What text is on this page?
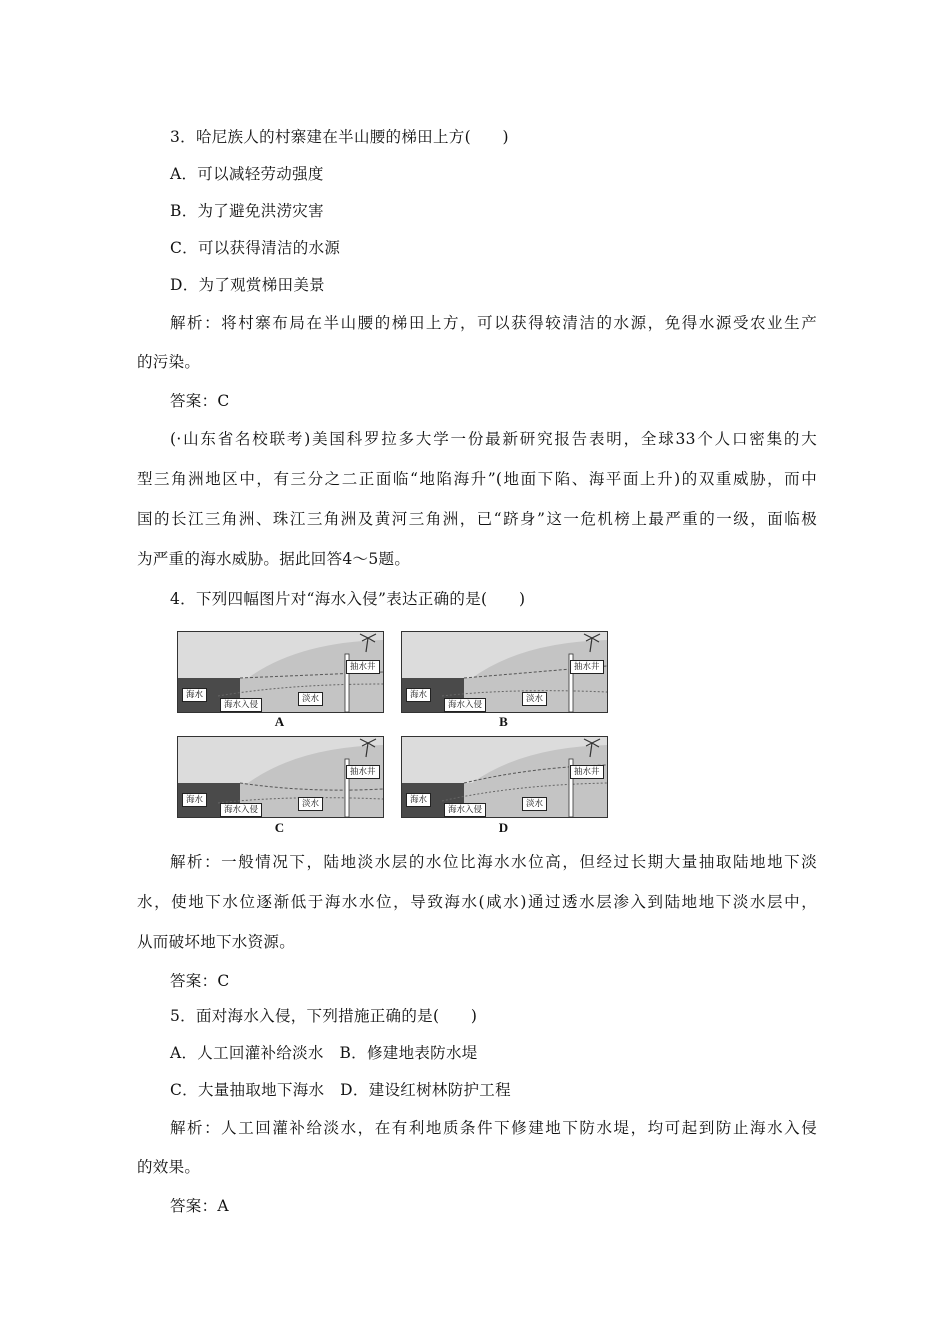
3．哈尼族人的村寨建在半山腰的梯田上方(　　)
A．可以减轻劳动强度
B．为了避免洪涝灾害
C．可以获得清洁的水源
D．为了观赏梯田美景
解析：将村寨布局在半山腰的梯田上方，可以获得较清洁的水源，免得水源受农业生产
的污染。
答案：C
(·山东省名校联考)美国科罗拉多大学一份最新研究报告表明，全球33个人口密集的大
型三角洲地区中，有三分之二正面临“地陷海升”(地面下陷、海平面上升)的双重威胁，而中
国的长江三角洲、珠江三角洲及黄河三角洲，已“跻身”这一危机榜上最严重的一级，面临极
为严重的海水威胁。据此回答4～5题。
4．下列四幅图片对“海水入侵”表达正确的是(　　)
海水
海水入侵
淡水
抽水井
A
海水
海水入侵
淡水
抽水井
B
海水
海水入侵
淡水
抽水井
C
海水
海水入侵
淡水
抽水井
D
解析：一般情况下，陆地淡水层的水位比海水水位高，但经过长期大量抽取陆地地下淡
水，使地下水位逐渐低于海水水位，导致海水(咸水)通过透水层渗入到陆地地下淡水层中，
从而破坏地下水资源。
答案：C
5．面对海水入侵，下列措施正确的是(　　)
A．人工回灌补给淡水　B．修建地表防水堤
C．大量抽取地下海水　D．建设红树林防护工程
解析：人工回灌补给淡水，在有利地质条件下修建地下防水堤，均可起到防止海水入侵
的效果。
答案：A
